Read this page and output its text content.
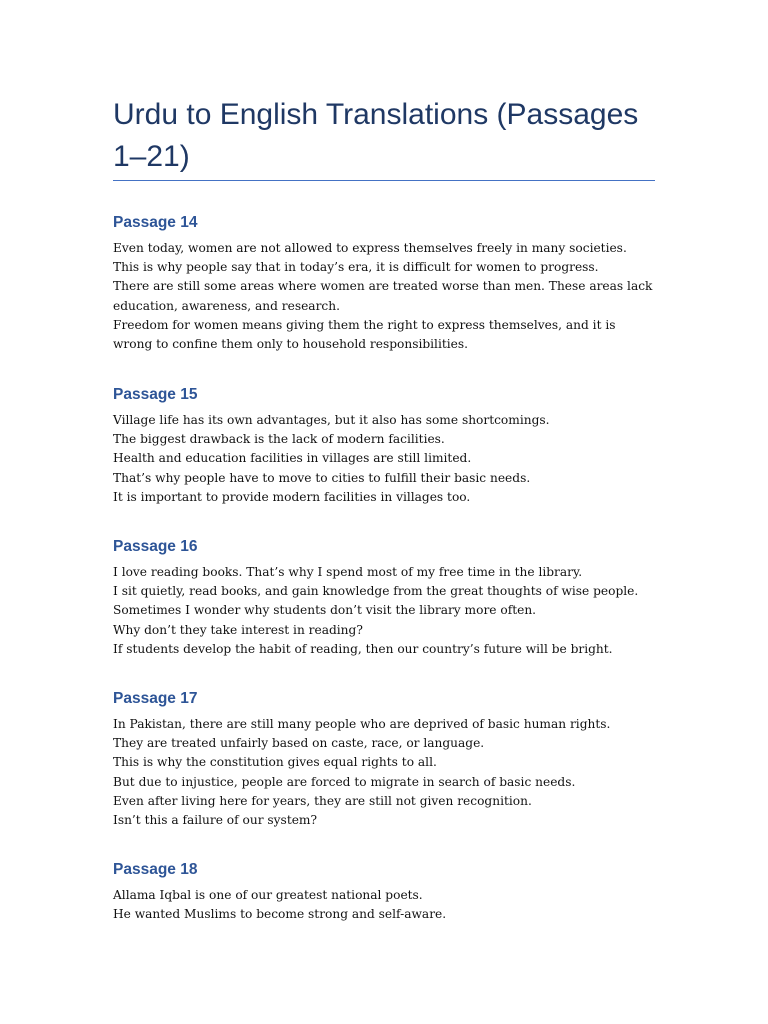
Urdu to English Translations (Passages 1–21)
Passage 14

Even today, women are not allowed to express themselves freely in many societies.
This is why people say that in today’s era, it is difficult for women to progress.
There are still some areas where women are treated worse than men. These areas lack education, awareness, and research.
Freedom for women means giving them the right to express themselves, and it is wrong to confine them only to household responsibilities.

Passage 15

Village life has its own advantages, but it also has some shortcomings.
The biggest drawback is the lack of modern facilities.
Health and education facilities in villages are still limited.
That’s why people have to move to cities to fulfill their basic needs.
It is important to provide modern facilities in villages too.

Passage 16

I love reading books. That’s why I spend most of my free time in the library.
I sit quietly, read books, and gain knowledge from the great thoughts of wise people.
Sometimes I wonder why students don’t visit the library more often.
Why don’t they take interest in reading?
If students develop the habit of reading, then our country’s future will be bright.

Passage 17

In Pakistan, there are still many people who are deprived of basic human rights.
They are treated unfairly based on caste, race, or language.
This is why the constitution gives equal rights to all.
But due to injustice, people are forced to migrate in search of basic needs.
Even after living here for years, they are still not given recognition.
Isn’t this a failure of our system?

Passage 18

Allama Iqbal is one of our greatest national poets.
He wanted Muslims to become strong and self-aware.
